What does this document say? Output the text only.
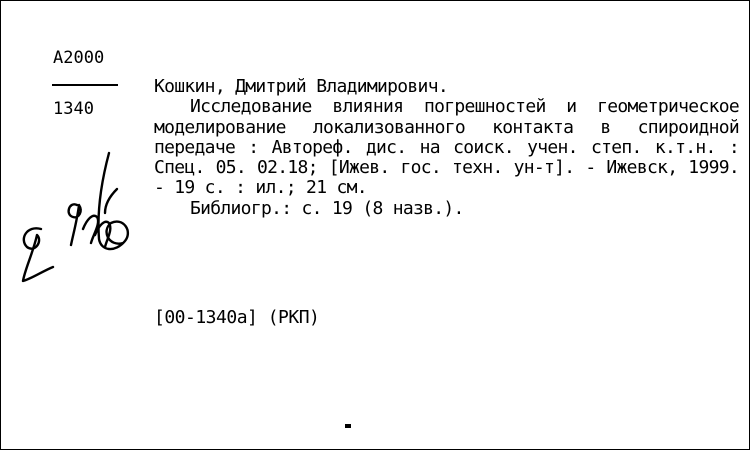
A2000
1340
Кошкин, Дмитрий Владимирович.
Исследование влияния погрешностей и геометрическое моделирование локализованного контакта в спироидной передаче : Автореф. дис. на соиск. учен. степ. к.т.н. : Спец. 05. 02.18; [Ижев. гос. техн. ун-т]. - Ижевск, 1999. - 19 с. : ил.; 21 см.
Библиогр.: с. 19 (8 назв.).
[00-1340а] (РКП)
